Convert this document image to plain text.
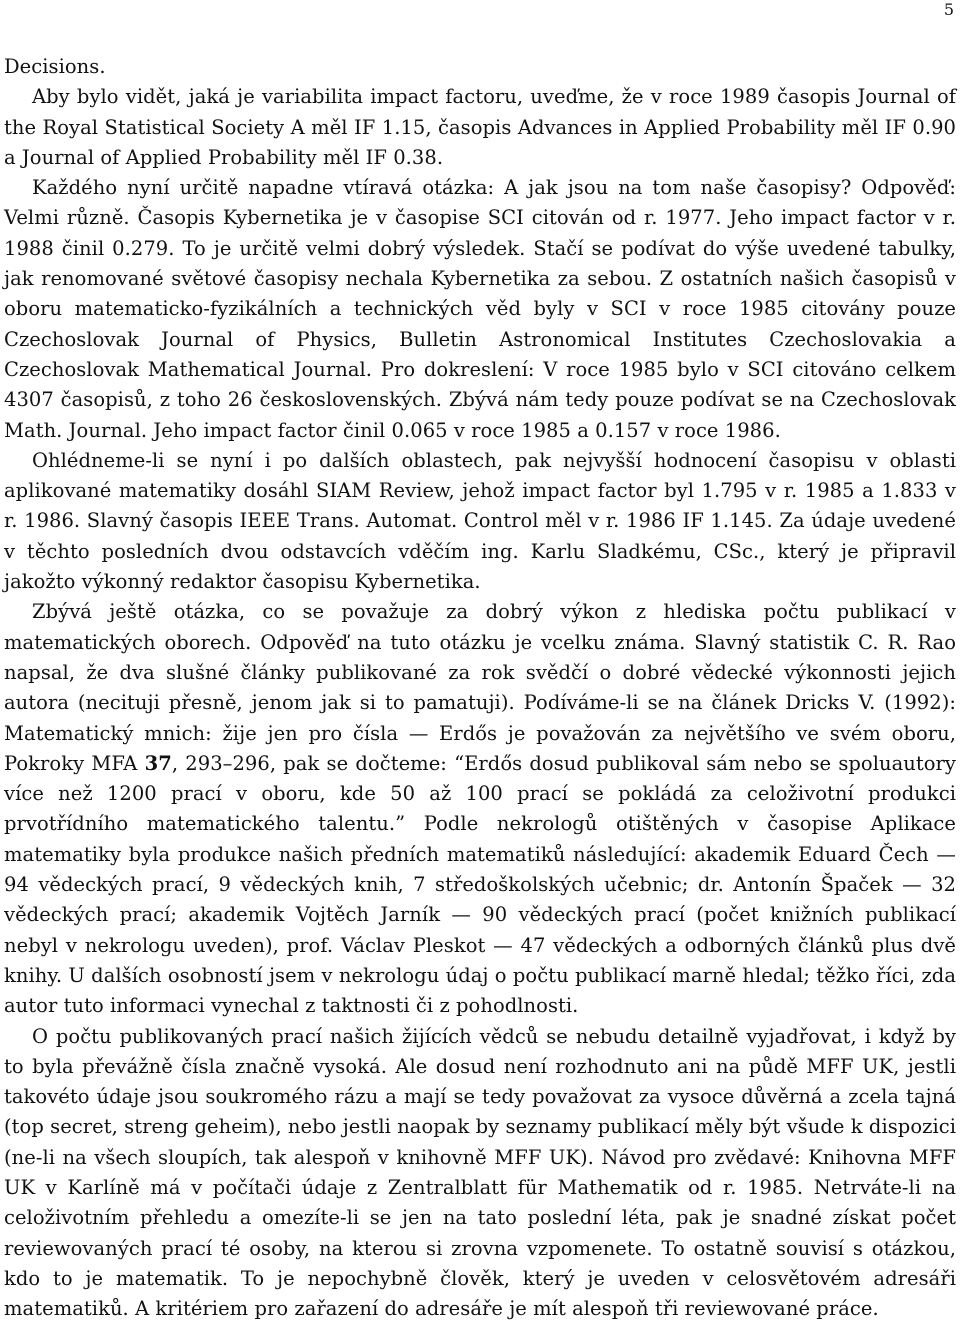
5

Decisions.

Aby bylo vidět, jaká je variabilita impact factoru, uveďme, že v roce 1989 časopis Journal of the Royal Statistical Society A měl IF 1.15, časopis Advances in Applied Probability měl IF 0.90 a Journal of Applied Probability měl IF 0.38.

Každého nyní určitě napadne vtíravá otázka: A jak jsou na tom naše časopisy? Odpověď: Velmi různě. Časopis Kybernetika je v časopise SCI citován od r. 1977. Jeho impact factor v r. 1988 činil 0.279. To je určitě velmi dobrý výsledek. Stačí se podívat do výše uvedené tabulky, jak renomované světové časopisy nechala Kybernetika za sebou. Z ostatních našich časopisů v oboru matematicko-fyzikálních a technických věd byly v SCI v roce 1985 citovány pouze Czechoslovak Journal of Physics, Bulletin Astronomical Institutes Czechoslovakia a Czechoslovak Mathematical Journal. Pro dokreslení: V roce 1985 bylo v SCI citováno celkem 4307 časopisů, z toho 26 československých. Zbývá nám tedy pouze podívat se na Czechoslovak Math. Journal. Jeho impact factor činil 0.065 v roce 1985 a 0.157 v roce 1986.

Ohlédneme-li se nyní i po dalších oblastech, pak nejvyšší hodnocení časopisu v oblasti aplikované matematiky dosáhl SIAM Review, jehož impact factor byl 1.795 v r. 1985 a 1.833 v r. 1986. Slavný časopis IEEE Trans. Automat. Control měl v r. 1986 IF 1.145. Za údaje uvedené v těchto posledních dvou odstavcích vděčím ing. Karlu Sladkému, CSc., který je připravil jakožto výkonný redaktor časopisu Kybernetika.

Zbývá ještě otázka, co se považuje za dobrý výkon z hlediska počtu publikací v matematických oborech. Odpověď na tuto otázku je vcelku známa. Slavný statistik C. R. Rao napsal, že dva slušné články publikované za rok svědčí o dobré vědecké výkonnosti jejich autora (necituji přesně, jenom jak si to pamatuji). Podíváme-li se na článek Dricks V. (1992): Matematický mnich: žije jen pro čísla — Erdős je považován za největšího ve svém oboru, Pokroky MFA 37, 293–296, pak se dočteme: “Erdős dosud publikoval sám nebo se spoluautory více než 1200 prací v oboru, kde 50 až 100 prací se pokládá za celoživotní produkci prvotřídního matematického talentu.” Podle nekrologů otištěných v časopise Aplikace matematiky byla produkce našich předních matematiků následující: akademik Eduard Čech — 94 vědeckých prací, 9 vědeckých knih, 7 středoškolských učebnic; dr. Antonín Špaček — 32 vědeckých prací; akademik Vojtěch Jarník — 90 vědeckých prací (počet knižních publikací nebyl v nekrologu uveden), prof. Václav Pleskot — 47 vědeckých a odborných článků plus dvě knihy. U dalších osobností jsem v nekrologu údaj o počtu publikací marně hledal; těžko říci, zda autor tuto informaci vynechal z taktnosti či z pohodlnosti.

O počtu publikovaných prací našich žijících vědců se nebudu detailně vyjadřovat, i když by to byla převážně čísla značně vysoká. Ale dosud není rozhodnuto ani na půdě MFF UK, jestli takovéto údaje jsou soukromého rázu a mají se tedy považovat za vysoce důvěrná a zcela tajná (top secret, streng geheim), nebo jestli naopak by seznamy publikací měly být všude k dispozici (ne-li na všech sloupích, tak alespoň v knihovně MFF UK). Návod pro zvědavé: Knihovna MFF UK v Karlíně má v počítači údaje z Zentralblatt für Mathematik od r. 1985. Netrváte-li na celoživotním přehledu a omezíte-li se jen na tato poslední léta, pak je snadné získat počet reviewovaných prací té osoby, na kterou si zrovna vzpomenete. To ostatně souvisí s otázkou, kdo to je matematik. To je nepochybně člověk, který je uveden v celosvětovém adresáři matematiků. A kritériem pro zařazení do adresáře je mít alespoň tři reviewované práce.
